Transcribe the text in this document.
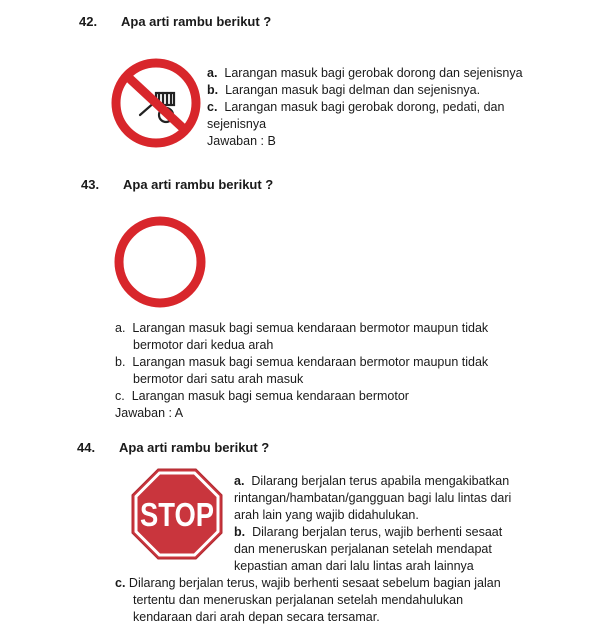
42. Apa arti rambu berikut ?
a. Larangan masuk bagi gerobak dorong dan sejenisnya
b. Larangan masuk bagi delman dan sejenisnya.
c. Larangan masuk bagi gerobak dorong, pedati, dan
sejenisnya
Jawaban : B
43. Apa arti rambu berikut ?
a. Larangan masuk bagi semua kendaraan bermotor maupun tidak
bermotor dari kedua arah
b. Larangan masuk bagi semua kendaraan bermotor maupun tidak
bermotor dari satu arah masuk
c. Larangan masuk bagi semua kendaraan bermotor
Jawaban : A
44. Apa arti rambu berikut ?
STOP
a. Dilarang berjalan terus apabila mengakibatkan
rintangan/hambatan/gangguan bagi lalu lintas dari
arah lain yang wajib didahulukan.
b. Dilarang berjalan terus, wajib berhenti sesaat
dan meneruskan perjalanan setelah mendapat
kepastian aman dari lalu lintas arah lainnya
c. Dilarang berjalan terus, wajib berhenti sesaat sebelum bagian jalan
tertentu dan meneruskan perjalanan setelah mendahulukan
kendaraan dari arah depan secara tersamar.
